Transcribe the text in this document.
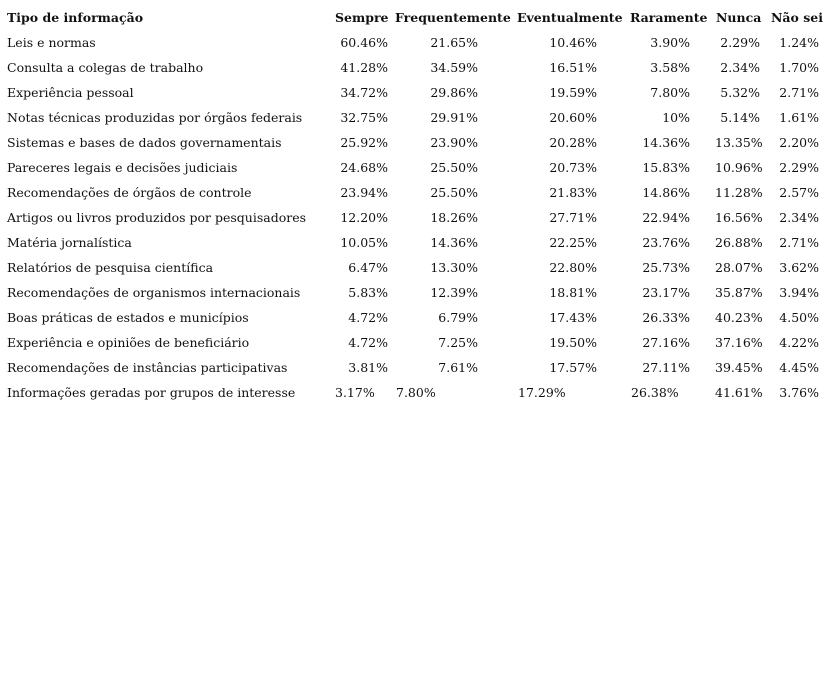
Tipo de informação	Sempre Frequentemente Eventualmente Raramente Nunca Não sei
Leis e normas	60.46%	21.65%	10.46%	3.90%	2.29%	1.24%
Consulta a colegas de trabalho	41.28%	34.59%	16.51%	3.58%	2.34%	1.70%
Experiência pessoal	34.72%	29.86%	19.59%	7.80%	5.32%	2.71%
Notas técnicas produzidas por órgãos federais	32.75%	29.91%	20.60%	10%	5.14%	1.61%
Sistemas e bases de dados governamentais	25.92%	23.90%	20.28%	14.36% 13.35%	2.20%
Pareceres legais e decisões judiciais	24.68%	25.50%	20.73%	15.83% 10.96%	2.29%
Recomendações de órgãos de controle	23.94%	25.50%	21.83%	14.86% 11.28%	2.57%
Artigos ou livros produzidos por pesquisadores	12.20%	18.26%	27.71%	22.94% 16.56%	2.34%
Matéria jornalística	10.05%	14.36%	22.25%	23.76% 26.88%	2.71%
Relatórios de pesquisa científica	6.47%	13.30%	22.80%	25.73% 28.07%	3.62%
Recomendações de organismos internacionais	5.83%	12.39%	18.81%	23.17% 35.87%	3.94%
Boas práticas de estados e municípios	4.72%	6.79%	17.43%	26.33% 40.23%	4.50%
Experiência e opiniões de beneficiário	4.72%	7.25%	19.50%	27.16% 37.16%	4.22%
Recomendações de instâncias participativas	3.81%	7.61%	17.57%	27.11% 39.45%	4.45%
Informações geradas por grupos de interesse	3.17% 7.80%	17.29%	26.38%	41.61%	3.76%
